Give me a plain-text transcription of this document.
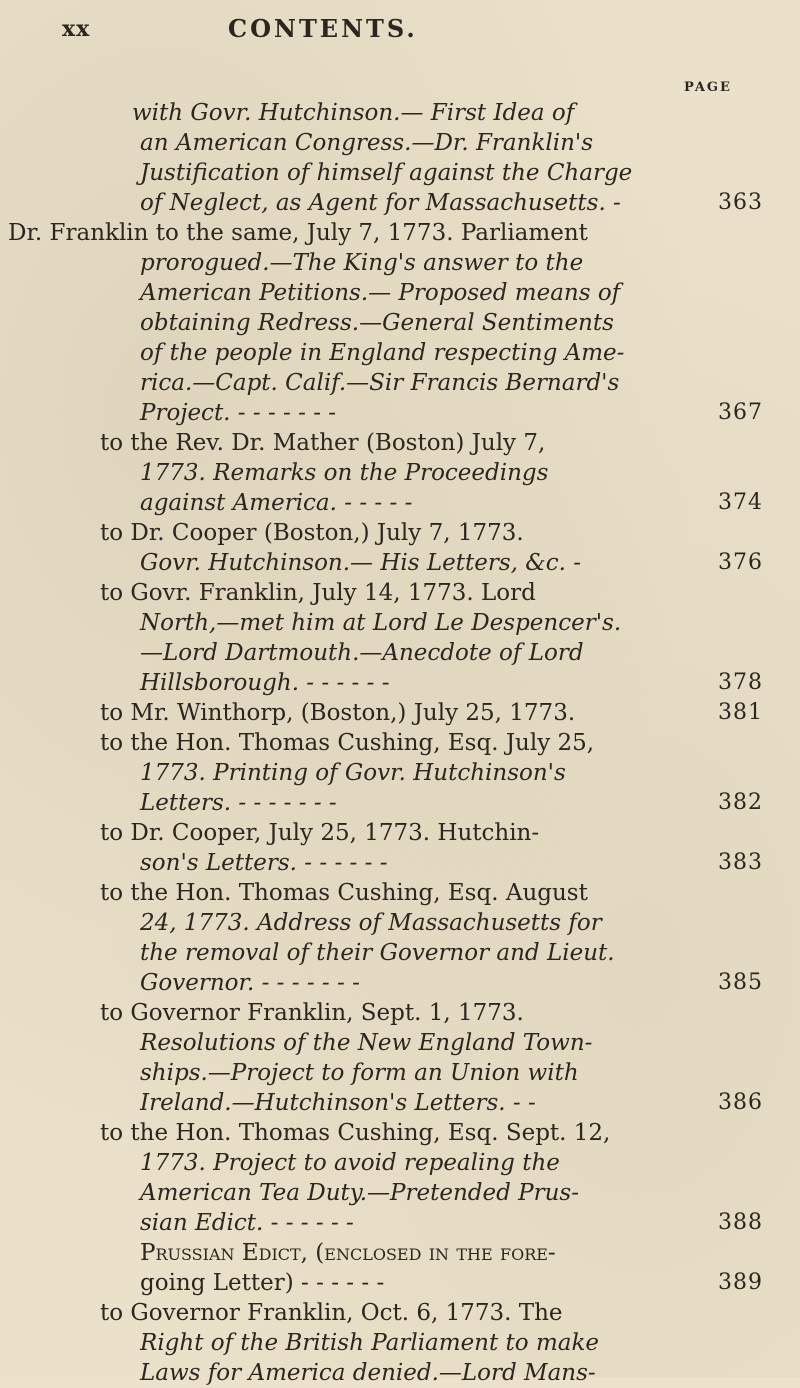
xx	CONTENTS.
PAGE
with Govr. Hutchinson.— First Idea of
an American Congress.—Dr. Franklin's
Justification of himself against the Charge
of Neglect, as Agent for Massachusetts. -	363
Dr. Franklin to the same, July 7, 1773. Parliament
prorogued.—The King's answer to the
American Petitions.— Proposed means of
obtaining Redress.—General Sentiments
of the people in England respecting Ame-
rica.—Capt. Calif.—Sir Francis Bernard's
Project. - - - - - - -	367
to the Rev. Dr. Mather (Boston) July 7,
1773. Remarks on the Proceedings
against America. - - - - -	374
to Dr. Cooper (Boston,) July 7, 1773.
Govr. Hutchinson.— His Letters, &c. -	376
to Govr. Franklin, July 14, 1773. Lord
North,—met him at Lord Le Despencer's.
—Lord Dartmouth.—Anecdote of Lord
Hillsborough. - - - - - -	378
to Mr. Winthorp, (Boston,) July 25, 1773.	381
to the Hon. Thomas Cushing, Esq. July 25,
1773. Printing of Govr. Hutchinson's
Letters. - - - - - - -	382
to Dr. Cooper, July 25, 1773. Hutchin-
son's Letters. - - - - - -	383
to the Hon. Thomas Cushing, Esq. August
24, 1773. Address of Massachusetts for
the removal of their Governor and Lieut.
Governor. - - - - - - -	385
to Governor Franklin, Sept. 1, 1773.
Resolutions of the New England Town-
ships.—Project to form an Union with
Ireland.—Hutchinson's Letters. - -	386
to the Hon. Thomas Cushing, Esq. Sept. 12,
1773. Project to avoid repealing the
American Tea Duty.—Pretended Prus-
sian Edict. - - - - - -	388
Prussian Edict, (enclosed in the fore-
going Letter) - - - - - -	389
to Governor Franklin, Oct. 6, 1773. The
Right of the British Parliament to make
Laws for America denied.—Lord Mans-
